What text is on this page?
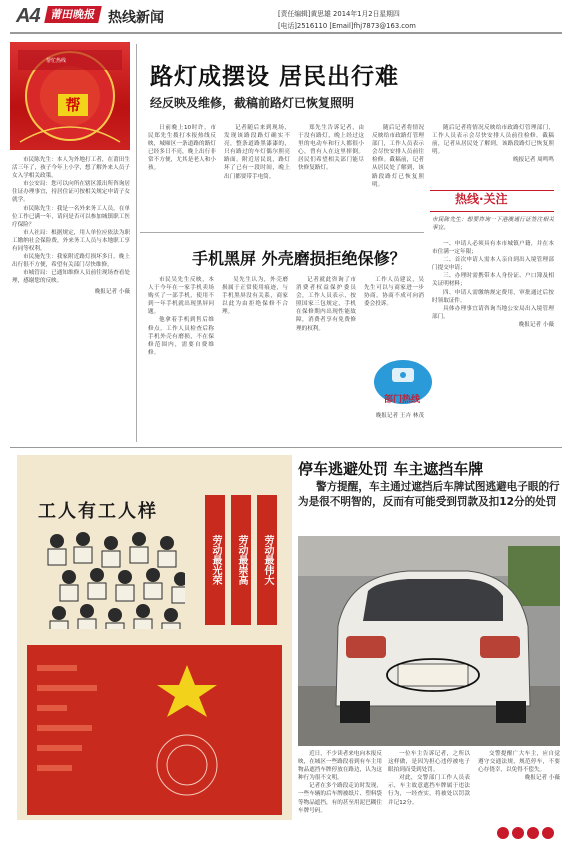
A4 莆田晚报 热线新闻	[责任编辑]黄思雄 2014年1月2日星期四
[电话]2516110 [Email]fhj7873@163.com
帮忙热线
帮
市民陈先生：本人为外地打工者，在莆田生活三年了，孩子今年上小学，想了解外来人员子女入学相关政策。
市公安局：您可以向所在辖区派出所咨询居住证办理事宜，持居住证可按相关规定申请子女就学。
市民陈先生：我是一名外来务工人员，在单位工作已满一年，请问是否可以参加城镇职工医疗保险？
市人社局：根据规定，用人单位应依法为职工缴纳社会保险费，外来务工人员与本地职工享有同等权利。
市民施先生：我家附近路灯损坏多日，晚上出行很不方便，希望有关部门尽快维修。
市城管局：已通知维修人员前往现场查看处理，感谢您的反映。
晚报记者 小薇
路灯成摆设 居民出行难
经反映及维修，截稿前路灯已恢复照明
日前晚上10时许，市民郑先生拨打本报热线反映，城厢区一条道路的路灯已经多日不亮，晚上出行非常不方便，尤其是老人和小孩。
记者随后来到现场，发现该路段路灯确实不亮，整条道路黑漆漆的，只有路过的车灯偶尔照亮路面。附近居民说，路灯坏了已有一段时间，晚上出门都要带手电筒。
郑先生告诉记者，由于没有路灯，晚上经过这里的电动车和行人都很小心，曾有人在这里摔倒。居民们希望相关部门能尽快修复路灯。
随后记者将情况反映给市政路灯管理部门，工作人员表示会尽快安排人员前往检修。截稿前，记者从居民处了解到，该路段路灯已恢复照明。
随后记者将情况反映给市政路灯管理部门，工作人员表示会尽快安排人员前往检修。截稿前，记者从居民处了解到，该路段路灯已恢复照明。
晚报记者 周鸣鸣
热线·关注
市民陈先生：想要咨询一下港澳通行证签注相关事宜。
一、申请人必须具有本市城镇户籍，并在本市住满一定年限；
二、首次申请人需本人亲自到出入境管理部门提交申请；
三、办理时需携带本人身份证、户口簿及相关证明材料；
四、申请人需缴纳规定费用，审批通过后按时领取证件。
具体办理事宜请咨询当地公安局出入境管理部门。
晚报记者 小薇
手机黑屏 外壳磨损拒绝保修？
市民吴先生反映，本人于今年在一家手机卖场购买了一部手机，使用不到一年手机就出现黑屏问题。
他拿着手机到售后维修点，工作人员检查后称手机外壳有磨损，不在保修范围内，需要自费维修。
吴先生认为，外壳磨损属于正常使用痕迹，与手机黑屏没有关系，商家以此为由拒绝保修不合理。
记者就此咨询了市消费者权益保护委员会，工作人员表示，按照国家三包规定，手机在保修期内出现性能故障，消费者享有免费修理的权利。
工作人员建议，吴先生可以与商家进一步协商，协商不成可向消委会投诉。
部门热线
晚报记者 王卉 林茂
工人有工人样
劳动最光荣	劳动最崇高	劳动最伟大
停车逃避处罚 车主遮挡车牌
警方提醒，车主通过遮挡后车牌试图逃避电子眼的行为是很不明智的，反而有可能受到罚款及扣12分的处罚
近日，不少读者来电向本报反映，在城区一些路段看到有车主用物品遮挡车牌停放在路边，认为这种行为很不文明。
记者在多个路段走访时发现，一些车辆的后车牌被纸片、塑料袋等物品遮挡，有的甚至用泥巴糊住车牌号码。
一位车主告诉记者，之所以这样做，是因为担心违停被电子眼拍到而受到处罚。
对此，交警部门工作人员表示，车主故意遮挡车牌属于违法行为，一经查实，将被处以罚款并记12分。
交警提醒广大车主，应自觉遵守交通法规，规范停车，不要心存侥幸，以免得不偿失。
晚报记者 小薇
